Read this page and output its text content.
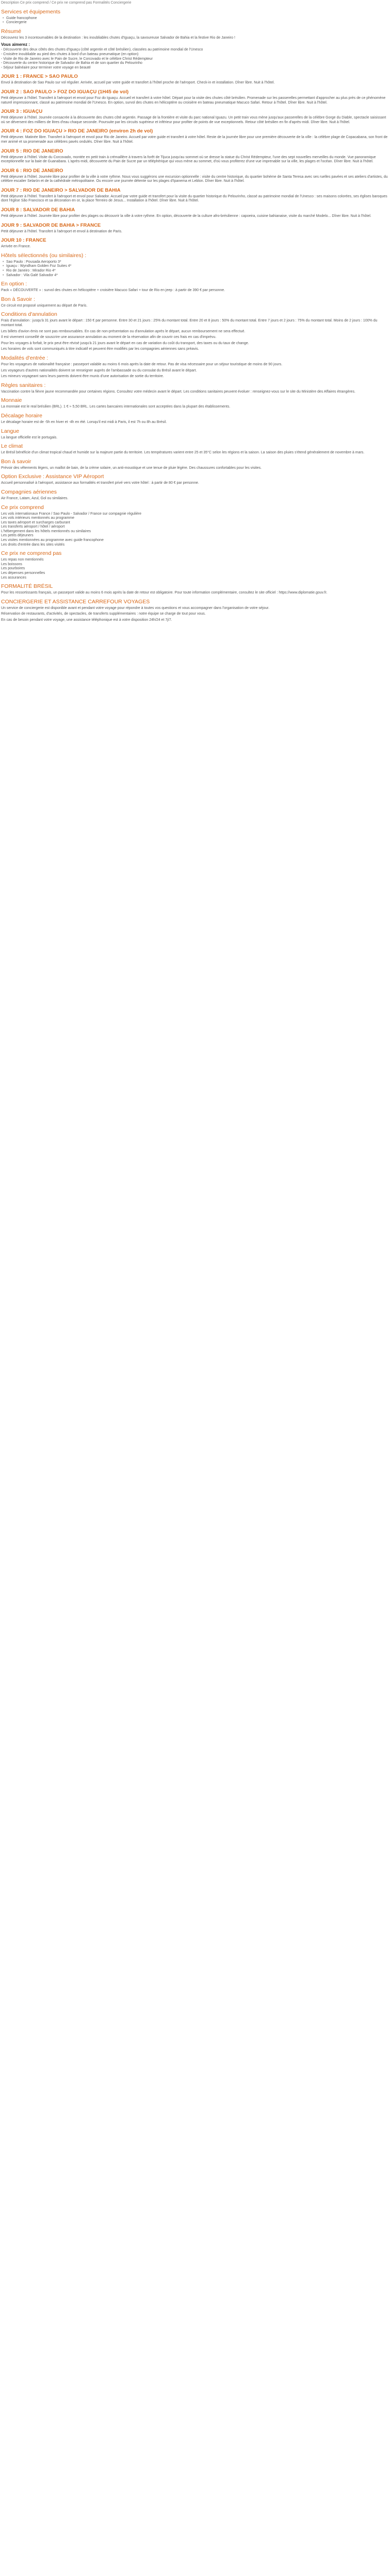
Description Ce prix comprend / Ce prix ne comprend pas Formalités Conciergerie

Services et équipements
• Guide francophone
• Conciergerie
Résumé

Découvrez les 3 incontournables de la destination : les inoubliables chutes d'Iguaçu, la savoureuse Salvador de Bahia et la festive Rio de Janeiro !

Vous aimerez :

- Découverte des deux côtés des chutes d'Iguaçu (côté argentin et côté brésilien), classées au patrimoine mondial de l'Unesco

- Croisière inoubliable au pied des chutes à bord d'un bateau pneumatique (en option)

- Visite de Rio de Janeiro avec le Pain de Sucre, le Corcovado et le célèbre Christ Rédempteur

- Découverte du centre historique de Salvador de Bahia et de son quartier du Pelourinho

- Séjour balnéaire pour terminer votre voyage en beauté

JOUR 1 : FRANCE > SAO PAULO

Envol à destination de Sao Paulo sur vol régulier. Arrivée, accueil par votre guide et transfert à l'hôtel proche de l'aéroport. Check-in et installation. Dîner libre. Nuit à l'hôtel.

JOUR 2 : SAO PAULO > FOZ DO IGUAÇU (1H45 de vol)

Petit déjeuner à l'hôtel. Transfert à l'aéroport et envol pour Foz do Iguaçu. Accueil et transfert à votre hôtel. Départ pour la visite des chutes côté brésilien. Promenade sur les passerelles permettant d'approcher au plus près de ce phénomène naturel impressionnant, classé au patrimoine mondial de l'Unesco. En option, survol des chutes en hélicoptère ou croisière en bateau pneumatique Macuco Safari. Retour à l'hôtel. Dîner libre. Nuit à l'hôtel.

JOUR 3 : IGUAÇU

Petit déjeuner à l'hôtel. Journée consacrée à la découverte des chutes côté argentin. Passage de la frontière et visite du parc national Iguazu. Un petit train vous mène jusqu'aux passerelles de la célèbre Gorge du Diable, spectacle saisissant où se déversent des milliers de litres d'eau chaque seconde. Poursuite par les circuits supérieur et inférieur pour profiter de points de vue exceptionnels. Retour côté brésilien en fin d'après-midi. Dîner libre. Nuit à l'hôtel.

JOUR 4 : FOZ DO IGUAÇU > RIO DE JANEIRO (environ 2h de vol)

Petit déjeuner. Matinée libre. Transfert à l'aéroport et envol pour Rio de Janeiro. Accueil par votre guide et transfert à votre hôtel. Reste de la journée libre pour une première découverte de la ville : la célèbre plage de Copacabana, son front de mer animé et sa promenade aux célèbres pavés ondulés. Dîner libre. Nuit à l'hôtel.

JOUR 5 : RIO DE JANEIRO

Petit déjeuner à l'hôtel. Visite du Corcovado, montée en petit train à crémaillère à travers la forêt de Tijuca jusqu'au sommet où se dresse la statue du Christ Rédempteur, l'une des sept nouvelles merveilles du monde. Vue panoramique exceptionnelle sur la baie de Guanabara. L'après-midi, découverte du Pain de Sucre par un téléphérique qui vous mène au sommet, d'où vous profiterez d'une vue imprenable sur la ville, les plages et l'océan. Dîner libre. Nuit à l'hôtel.

JOUR 6 : RIO DE JANEIRO

Petit déjeuner à l'hôtel. Journée libre pour profiter de la ville à votre rythme. Nous vous suggérons une excursion optionnelle : visite du centre historique, du quartier bohème de Santa Teresa avec ses ruelles pavées et ses ateliers d'artistes, du célèbre escalier Selarón et de la cathédrale métropolitaine. Ou encore une journée détente sur les plages d'Ipanema et Leblon. Dîner libre. Nuit à l'hôtel.

JOUR 7 : RIO DE JANEIRO > SALVADOR DE BAHIA

Petit déjeuner à l'hôtel. Transfert à l'aéroport et envol pour Salvador. Accueil par votre guide et transfert pour la visite du quartier historique du Pelourinho, classé au patrimoine mondial de l'Unesco : ses maisons colorées, ses églises baroques dont l'église São Francisco et sa décoration en or, la place Terreiro de Jesus... Installation à l'hôtel. Dîner libre. Nuit à l'hôtel.

JOUR 8 : SALVADOR DE BAHIA

Petit déjeuner à l'hôtel. Journée libre pour profiter des plages ou découvrir la ville à votre rythme. En option, découverte de la culture afro-brésilienne : capoeira, cuisine bahianaise, visite du marché Modelo... Dîner libre. Nuit à l'hôtel.

JOUR 9 : SALVADOR DE BAHIA > FRANCE

Petit déjeuner à l'hôtel. Transfert à l'aéroport et envol à destination de Paris.

JOUR 10 : FRANCE

Arrivée en France.

Hôtels sélectionnés (ou similaires) :
• Sao Paulo : Pousada Aeroporto 3*
• Iguaçu : Wyndham Golden Foz Suites 4*
• Rio de Janeiro : Mirador Rio 4*
• Salvador : Vila Galé Salvador 4*
En option :

Pack « DÉCOUVERTE » : survol des chutes en hélicoptère + croisière Macuco Safari + tour de Rio en jeep : à partir de 390 € par personne.

Bon à Savoir :

Ce circuit est proposé uniquement au départ de Paris.

Conditions d'annulation

Frais d'annulation : jusqu'à 31 jours avant le départ : 150 € par personne. Entre 30 et 21 jours : 25% du montant total. Entre 20 et 8 jours : 50% du montant total. Entre 7 jours et 2 jours : 75% du montant total. Moins de 2 jours : 100% du montant total.

Les billets d'avion émis ne sont pas remboursables. En cas de non-présentation ou d'annulation après le départ, aucun remboursement ne sera effectué.

Il est vivement conseillé de souscrire une assurance annulation au moment de la réservation afin de couvrir ces frais en cas d'imprévu.

Pour les voyages à forfait, le prix peut être révisé jusqu'à 21 jours avant le départ en cas de variation du coût du transport, des taxes ou du taux de change.

Les horaires de vols sont communiqués à titre indicatif et peuvent être modifiés par les compagnies aériennes sans préavis.

Modalités d'entrée :

Pour les voyageurs de nationalité française : passeport valable au moins 6 mois après la date de retour. Pas de visa nécessaire pour un séjour touristique de moins de 90 jours.

Les voyageurs d'autres nationalités doivent se renseigner auprès de l'ambassade ou du consulat du Brésil avant le départ.

Les mineurs voyageant sans leurs parents doivent être munis d'une autorisation de sortie du territoire.

Règles sanitaires :

Vaccination contre la fièvre jaune recommandée pour certaines régions. Consultez votre médecin avant le départ. Les conditions sanitaires peuvent évoluer : renseignez-vous sur le site du Ministère des Affaires étrangères.

Monnaie

La monnaie est le real brésilien (BRL). 1 € ≈ 5,50 BRL. Les cartes bancaires internationales sont acceptées dans la plupart des établissements.

Décalage horaire

Le décalage horaire est de -5h en hiver et -4h en été. Lorsqu'il est midi à Paris, il est 7h ou 8h au Brésil.

Langue

La langue officielle est le portugais.

Le climat

Le Brésil bénéficie d'un climat tropical chaud et humide sur la majeure partie du territoire. Les températures varient entre 25 et 35°C selon les régions et la saison. La saison des pluies s'étend généralement de novembre à mars.

Bon à savoir

Prévoir des vêtements légers, un maillot de bain, de la crème solaire, un anti-moustique et une tenue de pluie légère. Des chaussures confortables pour les visites.

Option Exclusive : Assistance VIP Aéroport

Accueil personnalisé à l'aéroport, assistance aux formalités et transfert privé vers votre hôtel : à partir de 80 € par personne.

Compagnies aériennes

Air France, Latam, Azul, Gol ou similaires.

Ce prix comprend

Les vols internationaux France / Sao Paulo - Salvador / France sur compagnie régulière

Les vols intérieurs mentionnés au programme

Les taxes aéroport et surcharges carburant

Les transferts aéroport / hôtel / aéroport

L'hébergement dans les hôtels mentionnés ou similaires

Les petits déjeuners

Les visites mentionnées au programme avec guide francophone

Les droits d'entrée dans les sites visités

Ce prix ne comprend pas

Les repas non mentionnés

Les boissons

Les pourboires

Les dépenses personnelles

Les assurances

FORMALITÉ BRÉSIL

Pour les ressortissants français, un passeport valide au moins 6 mois après la date de retour est obligatoire. Pour toute information complémentaire, consultez le site officiel : https://www.diplomatie.gouv.fr.

CONCIERGERIE ET ASSISTANCE CARREFOUR VOYAGES

Un service de conciergerie est disponible avant et pendant votre voyage pour répondre à toutes vos questions et vous accompagner dans l'organisation de votre séjour.

Réservation de restaurants, d'activités, de spectacles, de transferts supplémentaires : notre équipe se charge de tout pour vous.

En cas de besoin pendant votre voyage, une assistance téléphonique est à votre disposition 24h/24 et 7j/7.
